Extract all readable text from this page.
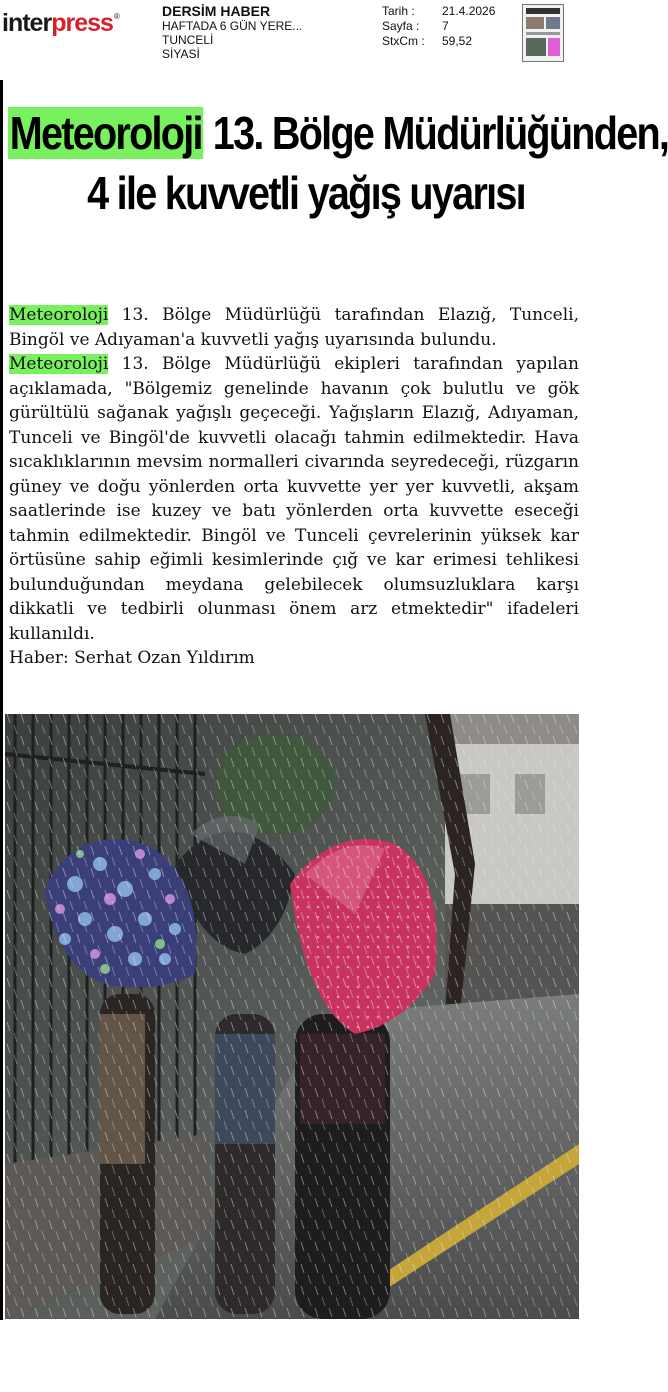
inter press ®	DERSİM HABER
HAFTADA 6 GÜN YERE...
TUNCELİ
SİYASİ
Tarih :	21.4.2026
Sayfa :	7
StxCm :	59,52
Meteoroloji 13. Bölge Müdürlüğünden,
4 ile kuvvetli yağış uyarısı

Meteoroloji 13. Bölge Müdürlüğü tarafından Elazığ, Tunceli, Bingöl ve Adıyaman'a kuvvetli yağış uyarısında bulundu.

Meteoroloji 13. Bölge Müdürlüğü ekipleri tarafından yapılan açıklamada, "Bölgemiz genelinde havanın çok bulutlu ve gök gürültülü sağanak yağışlı geçeceği. Yağışların Elazığ, Adıyaman, Tunceli ve Bingöl'de kuvvetli olacağı tahmin edilmektedir. Hava sıcaklıklarının mevsim normalleri civarında seyredeceği, rüzgarın güney ve doğu yönlerden orta kuvvette yer yer kuvvetli, akşam saatlerinde ise kuzey ve batı yönlerden orta kuvvette eseceği tahmin edilmektedir. Bingöl ve Tunceli çevrelerinin yüksek kar örtüsüne sahip eğimli kesimlerinde çığ ve kar erimesi tehlikesi bulunduğundan meydana gelebilecek olumsuzluklara karşı dikkatli ve tedbirli olunması önem arz etmektedir" ifadeleri kullanıldı.

Haber: Serhat Ozan Yıldırım
